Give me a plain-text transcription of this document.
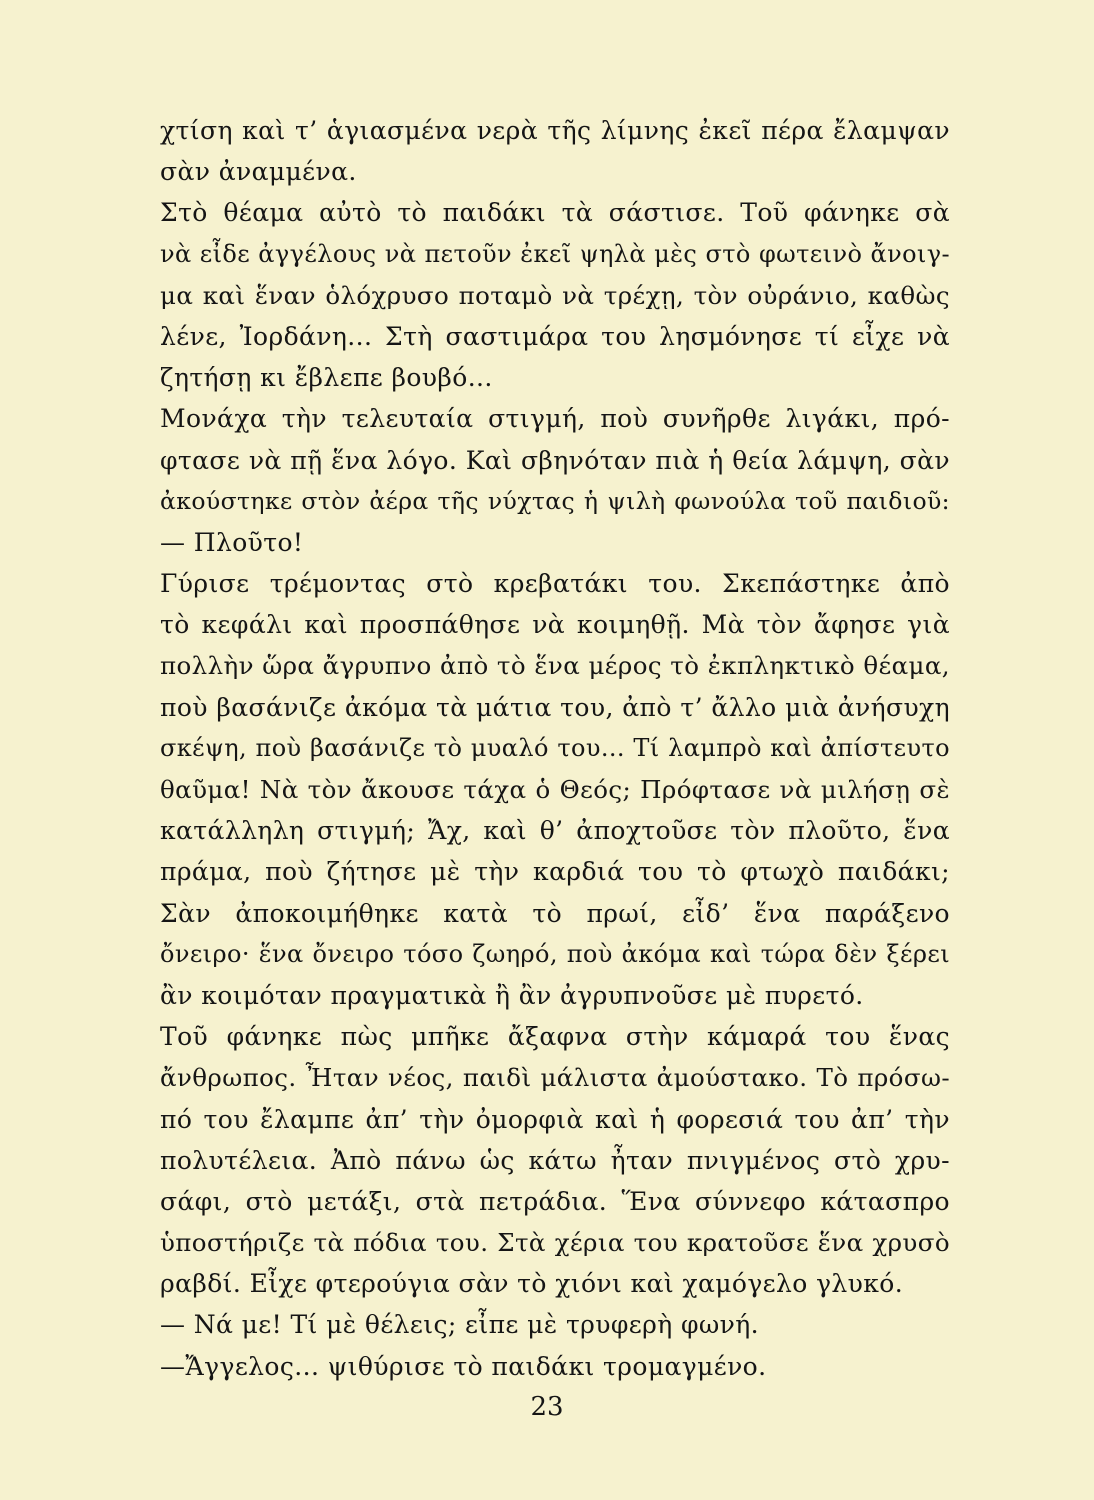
χτίση καὶ τ’ ἁγιασμένα νερὰ τῆς λίμνης ἐκεῖ πέρα ἔλαμψαν
σὰν ἀναμμένα.
Στὸ θέαμα αὐτὸ τὸ παιδάκι τὰ σάστισε. Τοῦ φάνηκε σὰ
νὰ εἶδε ἀγγέλους νὰ πετοῦν ἐκεῖ ψηλὰ μὲς στὸ φωτεινὸ ἄνοιγ-
μα καὶ ἕναν ὁλόχρυσο ποταμὸ νὰ τρέχῃ, τὸν οὐράνιο, καθὼς
λένε, Ἰορδάνη... Στὴ σαστιμάρα του λησμόνησε τί εἶχε νὰ
ζητήσῃ κι ἔβλεπε βουβό...
Μονάχα τὴν τελευταία στιγμή, ποὺ συνῆρθε λιγάκι, πρό-
φτασε νὰ πῇ ἕνα λόγο. Καὶ σβηνόταν πιὰ ἡ θεία λάμψη, σὰν
ἀκούστηκε στὸν ἀέρα τῆς νύχτας ἡ ψιλὴ φωνούλα τοῦ παιδιοῦ:
— Πλοῦτο!
Γύρισε τρέμοντας στὸ κρεβατάκι του. Σκεπάστηκε ἀπὸ
τὸ κεφάλι καὶ προσπάθησε νὰ κοιμηθῇ. Μὰ τὸν ἄφησε γιὰ
πολλὴν ὥρα ἄγρυπνο ἀπὸ τὸ ἕνα μέρος τὸ ἐκπληκτικὸ θέαμα,
ποὺ βασάνιζε ἀκόμα τὰ μάτια του, ἀπὸ τ’ ἄλλο μιὰ ἀνήσυχη
σκέψη, ποὺ βασάνιζε τὸ μυαλό του... Τί λαμπρὸ καὶ ἀπίστευτο
θαῦμα! Νὰ τὸν ἄκουσε τάχα ὁ Θεός; Πρόφτασε νὰ μιλήσῃ σὲ
κατάλληλη στιγμή; Ἄχ, καὶ θ’ ἀποχτοῦσε τὸν πλοῦτο, ἕνα
πράμα, ποὺ ζήτησε μὲ τὴν καρδιά του τὸ φτωχὸ παιδάκι;
Σὰν ἀποκοιμήθηκε κατὰ τὸ πρωί, εἶδ’ ἕνα παράξενο
ὄνειρο· ἕνα ὄνειρο τόσο ζωηρό, ποὺ ἀκόμα καὶ τώρα δὲν ξέρει
ἂν κοιμόταν πραγματικὰ ἢ ἂν ἀγρυπνοῦσε μὲ πυρετό.
Τοῦ φάνηκε πὼς μπῆκε ἄξαφνα στὴν κάμαρά του ἕνας
ἄνθρωπος. Ἦταν νέος, παιδὶ μάλιστα ἀμούστακο. Τὸ πρόσω-
πό του ἔλαμπε ἀπ’ τὴν ὀμορφιὰ καὶ ἡ φορεσιά του ἀπ’ τὴν
πολυτέλεια. Ἀπὸ πάνω ὡς κάτω ἦταν πνιγμένος στὸ χρυ-
σάφι, στὸ μετάξι, στὰ πετράδια. Ἕνα σύννεφο κάτασπρο
ὑποστήριζε τὰ πόδια του. Στὰ χέρια του κρατοῦσε ἕνα χρυσὸ
ραβδί. Εἶχε φτερούγια σὰν τὸ χιόνι καὶ χαμόγελο γλυκό.
— Νά με! Τί μὲ θέλεις; εἶπε μὲ τρυφερὴ φωνή.
—Ἄγγελος... ψιθύρισε τὸ παιδάκι τρομαγμένο.
23
